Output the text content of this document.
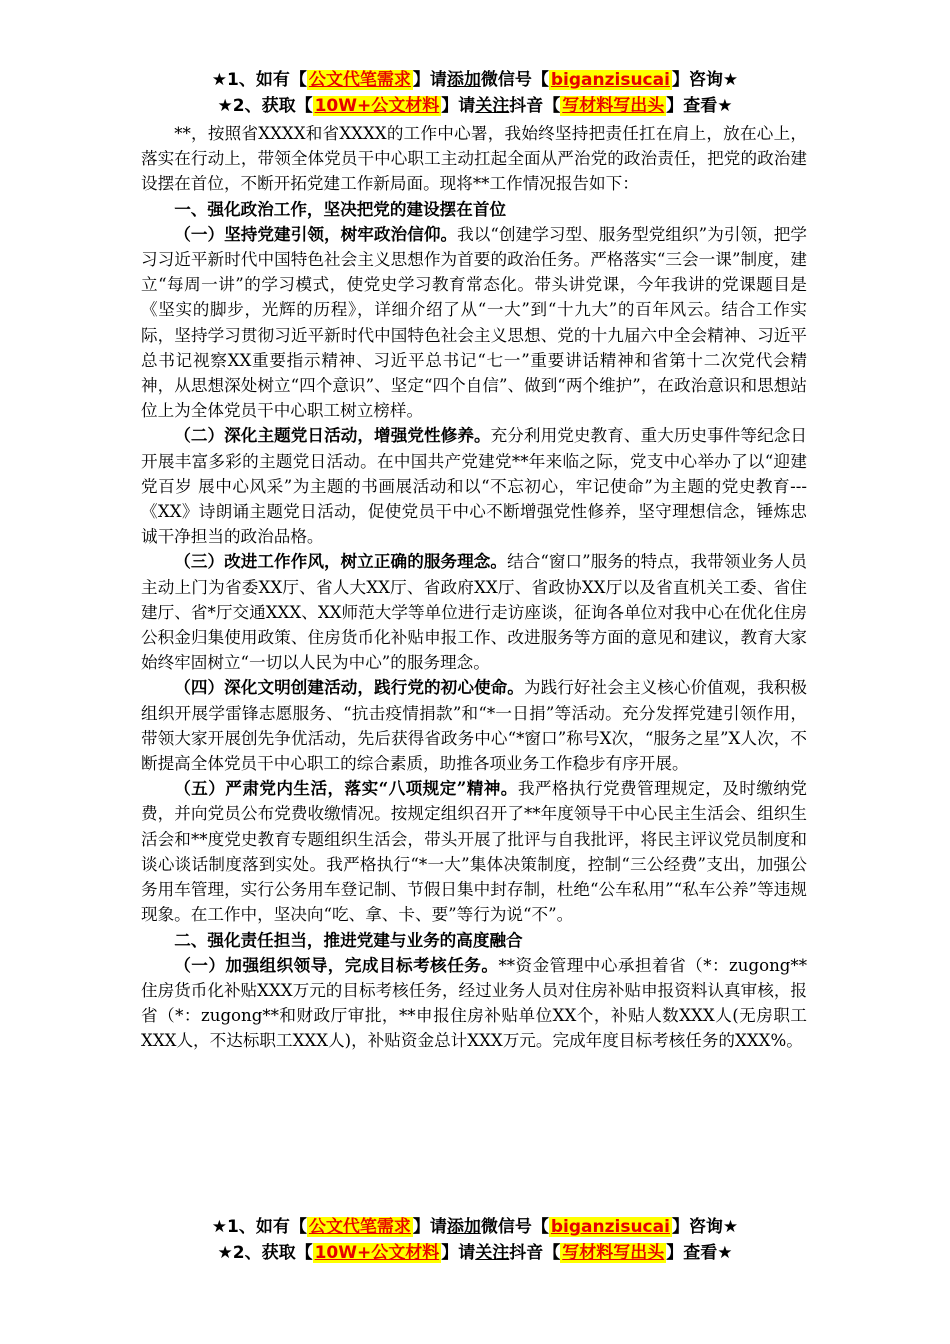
★1、如有【 公文代笔需求 】请添加微信号【 biganzisucai 】咨询★
★2、获取【 10W+公文材料 】请关注抖音【 写材料写出头 】查看★

**，按照省XXXX和省XXXX的工作中心署，我始终坚持把责任扛在肩上，放在心上，落实在行动上，带领全体党员干中心职工主动扛起全面从严治党的政治责任，把党的政治建设摆在首位，不断开拓党建工作新局面。现将**工作情况报告如下：

一、强化政治工作，坚决把党的建设摆在首位

（一）坚持党建引领，树牢政治信仰。我以“创建学习型、服务型党组织”为引领，把学习习近平新时代中国特色社会主义思想作为首要的政治任务。严格落实“三会一课”制度，建立“每周一讲”的学习模式，使党史学习教育常态化。带头讲党课，今年我讲的党课题目是《坚实的脚步，光辉的历程》，详细介绍了从“一大”到“十九大”的百年风云。结合工作实际，坚持学习贯彻习近平新时代中国特色社会主义思想、党的十九届六中全会精神、习近平总书记视察XX重要指示精神、习近平总书记“七一”重要讲话精神和省第十二次党代会精神，从思想深处树立“四个意识”、坚定“四个自信”、做到“两个维护”，在政治意识和思想站位上为全体党员干中心职工树立榜样。

（二）深化主题党日活动，增强党性修养。充分利用党史教育、重大历史事件等纪念日开展丰富多彩的主题党日活动。在中国共产党建党**年来临之际，党支中心举办了以“迎建党百岁 展中心风采”为主题的书画展活动和以“不忘初心，牢记使命”为主题的党史教育---《XX》诗朗诵主题党日活动，促使党员干中心不断增强党性修养，坚守理想信念，锤炼忠诚干净担当的政治品格。

（三）改进工作作风，树立正确的服务理念。结合“窗口”服务的特点，我带领业务人员主动上门为省委XX厅、省人大XX厅、省政府XX厅、省政协XX厅以及省直机关工委、省住建厅、省*厅交通XXX、XX师范大学等单位进行走访座谈，征询各单位对我中心在优化住房公积金归集使用政策、住房货币化补贴申报工作、改进服务等方面的意见和建议，教育大家始终牢固树立“一切以人民为中心”的服务理念。

（四）深化文明创建活动，践行党的初心使命。为践行好社会主义核心价值观，我积极组织开展学雷锋志愿服务、“抗击疫情捐款”和“*一日捐”等活动。充分发挥党建引领作用，带领大家开展创先争优活动，先后获得省政务中心“*窗口”称号X次，“服务之星”X人次，不断提高全体党员干中心职工的综合素质，助推各项业务工作稳步有序开展。

（五）严肃党内生活，落实“八项规定”精神。我严格执行党费管理规定，及时缴纳党费，并向党员公布党费收缴情况。按规定组织召开了**年度领导干中心民主生活会、组织生活会和**度党史教育专题组织生活会，带头开展了批评与自我批评，将民主评议党员制度和谈心谈话制度落到实处。我严格执行“*一大”集体决策制度，控制“三公经费”支出，加强公务用车管理，实行公务用车登记制、节假日集中封存制，杜绝“公车私用”“私车公养”等违规现象。在工作中，坚决向“吃、拿、卡、要”等行为说“不”。

二、强化责任担当，推进党建与业务的高度融合

（一）加强组织领导，完成目标考核任务。**资金管理中心承担着省（*：zugong**住房货币化补贴XXX万元的目标考核任务，经过业务人员对住房补贴申报资料认真审核，报省（*：zugong**和财政厅审批，**申报住房补贴单位XX个，补贴人数XXX人(无房职工XXX人，不达标职工XXX人)，补贴资金总计XXX万元。完成年度目标考核任务的XXX%。

★1、如有【 公文代笔需求 】请添加微信号【 biganzisucai 】咨询★
★2、获取【 10W+公文材料 】请关注抖音【 写材料写出头 】查看★
